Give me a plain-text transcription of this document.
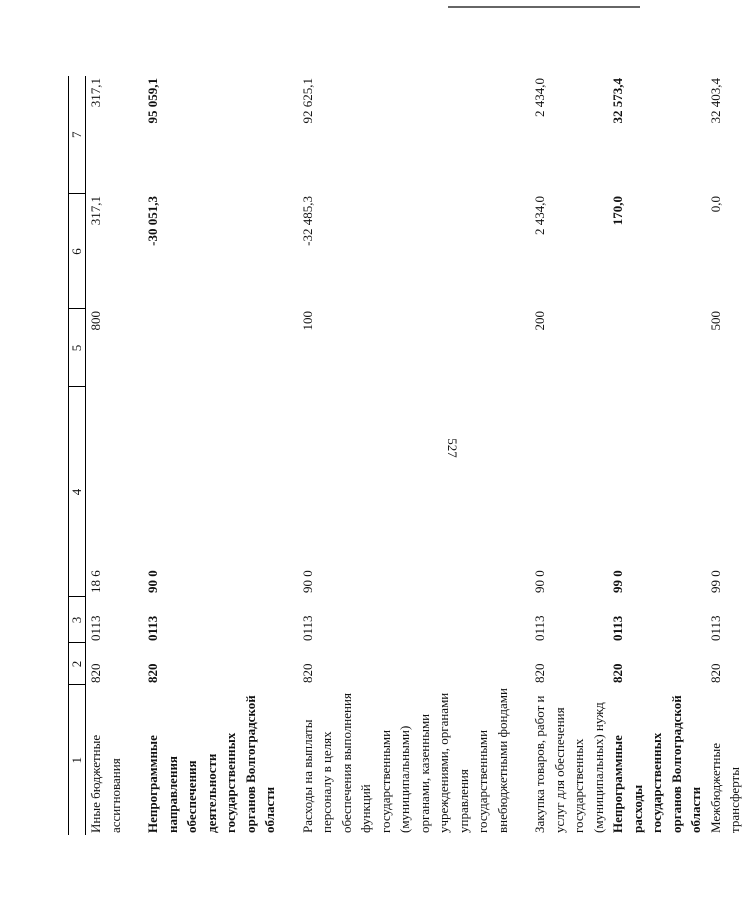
527
1	2	3	4	5	6	7
Иные бюджетные ассигнования	820	0113	18 6	800	317,1	317,1

Непрограммные направления обеспечения деятельности государственных органов Волгоградской области	820	0113	90 0		-30 051,3	95 059,1

Расходы на выплаты персоналу в целях обеспечения выполнения функций государственными (муниципальными) органами, казенными учреждениями, органами управления государственными внебюджетными фондами	820	0113	90 0	100	-32 485,3	92 625,1

Закупка товаров, работ и услуг для обеспечения государственных (муниципальных) нужд	820	0113	90 0	200	2 434,0	2 434,0
Непрограммные расходы государственных органов Волгоградской области	820	0113	99 0		170,0	32 573,4
Межбюджетные трансферты	820	0113	99 0	500	0,0	32 403,4
